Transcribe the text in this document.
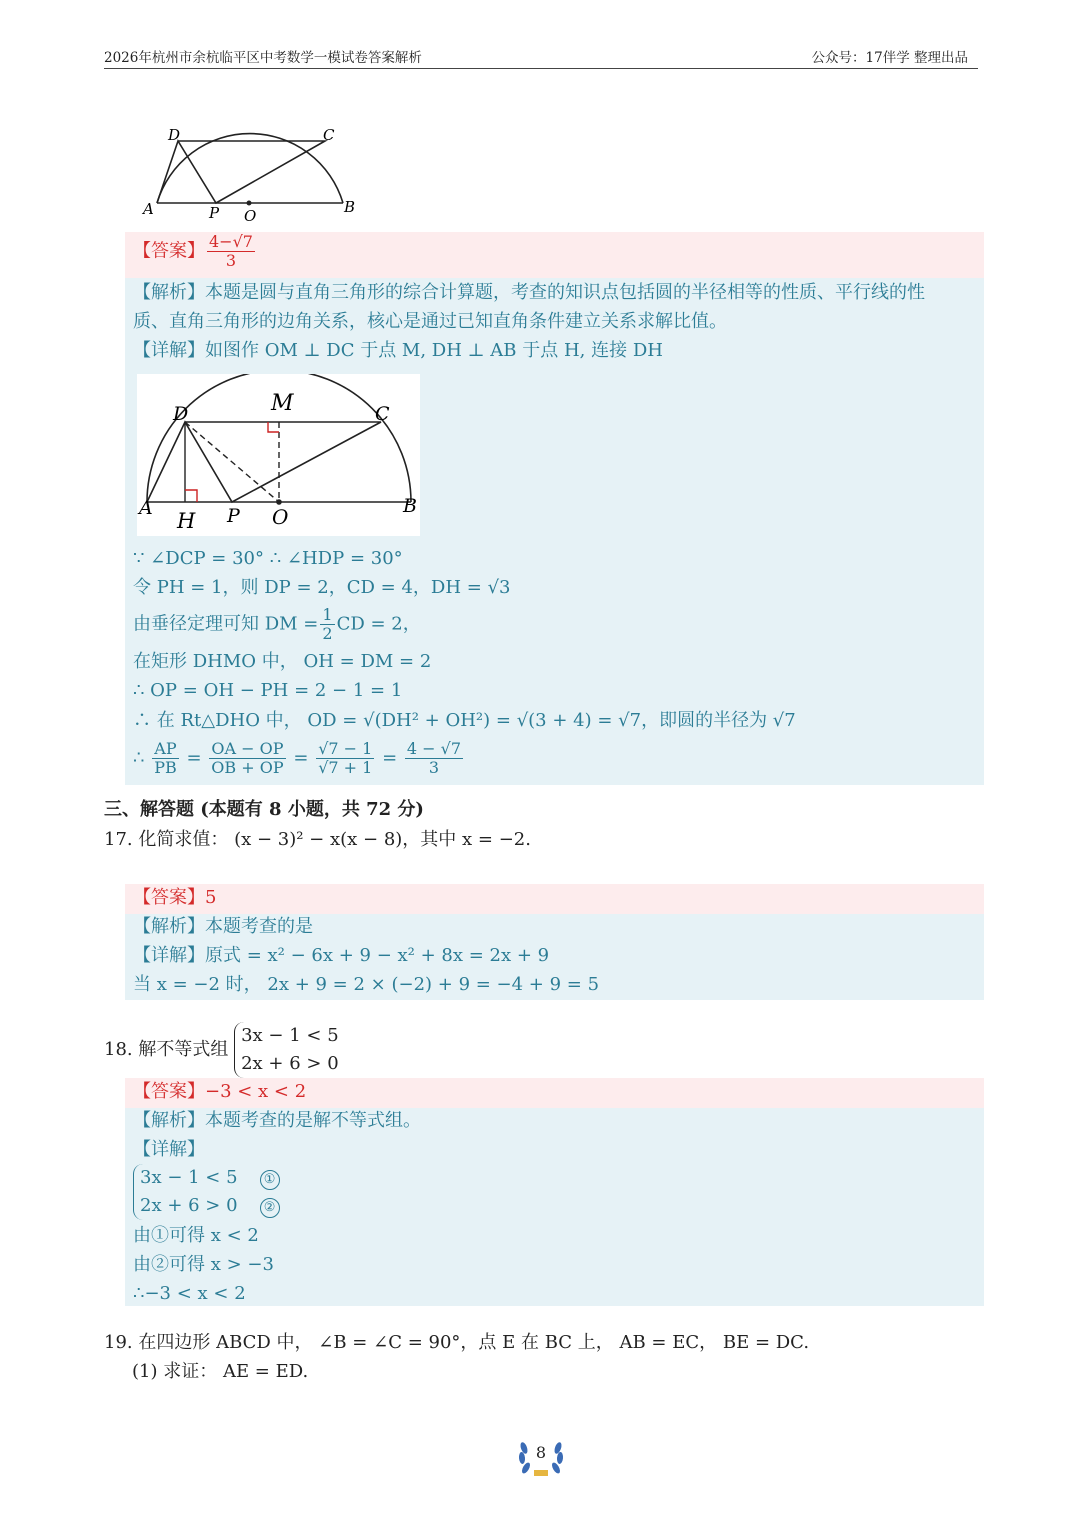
2026年杭州市余杭临平区中考数学一模试卷答案解析	公众号：17伴学 整理出品
D	C
A	P O	B
【答案】 $\frac{4-√7}{3}$
【解析】本题是圆与直角三角形的综合计算题，考查的知识点包括圆的半径相等的性质、平行线的性
质、直角三角形的边角关系，核心是通过已知直角条件建立关系求解比值。
【详解】如图作 OM ⊥ DC 于点 M, DH ⊥ AB 于点 H, 连接 DH
D	M	C
A
H P O	B
∵ ∠DCP = 30° ∴ ∠HDP = 30°
令 PH = 1，则 DP = 2，CD = 4，DH = √3
由垂径定理可知 DM = $\frac{1}{2}$ CD = 2，
在矩形 DHMO 中， OH = DM = 2
∴ OP = OH − PH = 2 − 1 = 1
∴ 在 Rt△DHO 中， OD = √(DH² + OH²) = √(3 + 4) = √7，即圆的半径为 √7
∴ $\frac{AP}{PB} = \frac{OA - OP}{OB + OP} = \frac{√7 - 1}{√7 + 1} = \frac{4 - √7}{3}$
三、解答题 (本题有 8 小题，共 72 分)
17. 化简求值： (x − 3)² − x(x − 8)，其中 x = −2.
【答案】5
【解析】本题考查的是
【详解】原式 = x² − 6x + 9 − x² + 8x = 2x + 9
当 x = −2 时， 2x + 9 = 2 × (−2) + 9 = −4 + 9 = 5
18. 解不等式组 3x − 1 < 5
2x + 6 > 0
【答案】−3 < x < 2
【解析】本题考查的是解不等式组。
【详解】
3x − 1 < 5 ①
2x + 6 > 0 ②
由①可得 x < 2
由②可得 x > −3
∴−3 < x < 2
19. 在四边形 ABCD 中， ∠B = ∠C = 90°，点 E 在 BC 上， AB = EC， BE = DC.
(1) 求证： AE = ED.
8
